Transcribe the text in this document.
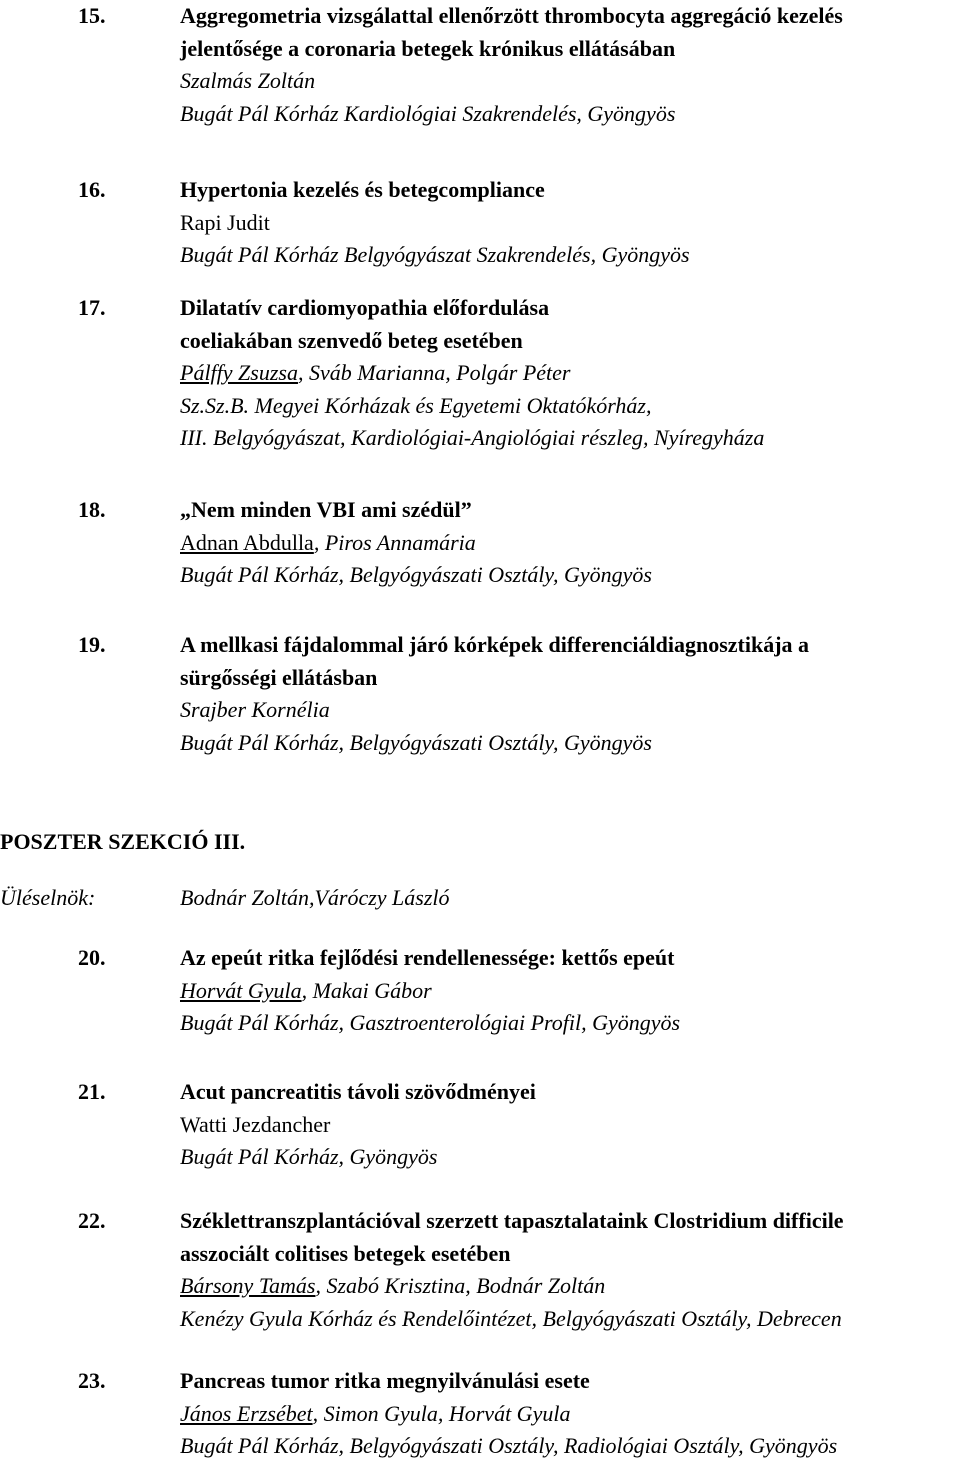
15.	Aggregometria vizsgálattal ellenőrzött thrombocyta aggregáció kezelés
jelentősége a coronaria betegek krónikus ellátásában
Szalmás Zoltán
Bugát Pál Kórház Kardiológiai Szakrendelés, Gyöngyös
16.	Hypertonia kezelés és betegcompliance
Rapi Judit
Bugát Pál Kórház Belgyógyászat Szakrendelés, Gyöngyös
17.	Dilatatív cardiomyopathia előfordulása
coeliakában szenvedő beteg esetében
Pálffy Zsuzsa, Sváb Marianna, Polgár Péter
Sz.Sz.B. Megyei Kórházak és Egyetemi Oktatókórház,
III. Belgyógyászat, Kardiológiai-Angiológiai részleg, Nyíregyháza
18.	„Nem minden VBI ami szédül”
Adnan Abdulla, Piros Annamária
Bugát Pál Kórház, Belgyógyászati Osztály, Gyöngyös
19.	A mellkasi fájdalommal járó kórképek differenciáldiagnosztikája a
sürgősségi ellátásban
Srajber Kornélia
Bugát Pál Kórház, Belgyógyászati Osztály, Gyöngyös
POSZTER SZEKCIÓ III.
Üléselnök:	Bodnár Zoltán,Váróczy László
20.	Az epeút ritka fejlődési rendellenessége: kettős epeút
Horvát Gyula, Makai Gábor
Bugát Pál Kórház, Gasztroenterológiai Profil, Gyöngyös
21.	Acut pancreatitis távoli szövődményei
Watti Jezdancher
Bugát Pál Kórház, Gyöngyös
22.	Széklettranszplantációval szerzett tapasztalataink Clostridium difficile
asszociált colitises betegek esetében
Bársony Tamás, Szabó Krisztina, Bodnár Zoltán
Kenézy Gyula Kórház és Rendelőintézet, Belgyógyászati Osztály, Debrecen
23.	Pancreas tumor ritka megnyilvánulási esete
János Erzsébet, Simon Gyula, Horvát Gyula
Bugát Pál Kórház, Belgyógyászati Osztály, Radiológiai Osztály, Gyöngyös
